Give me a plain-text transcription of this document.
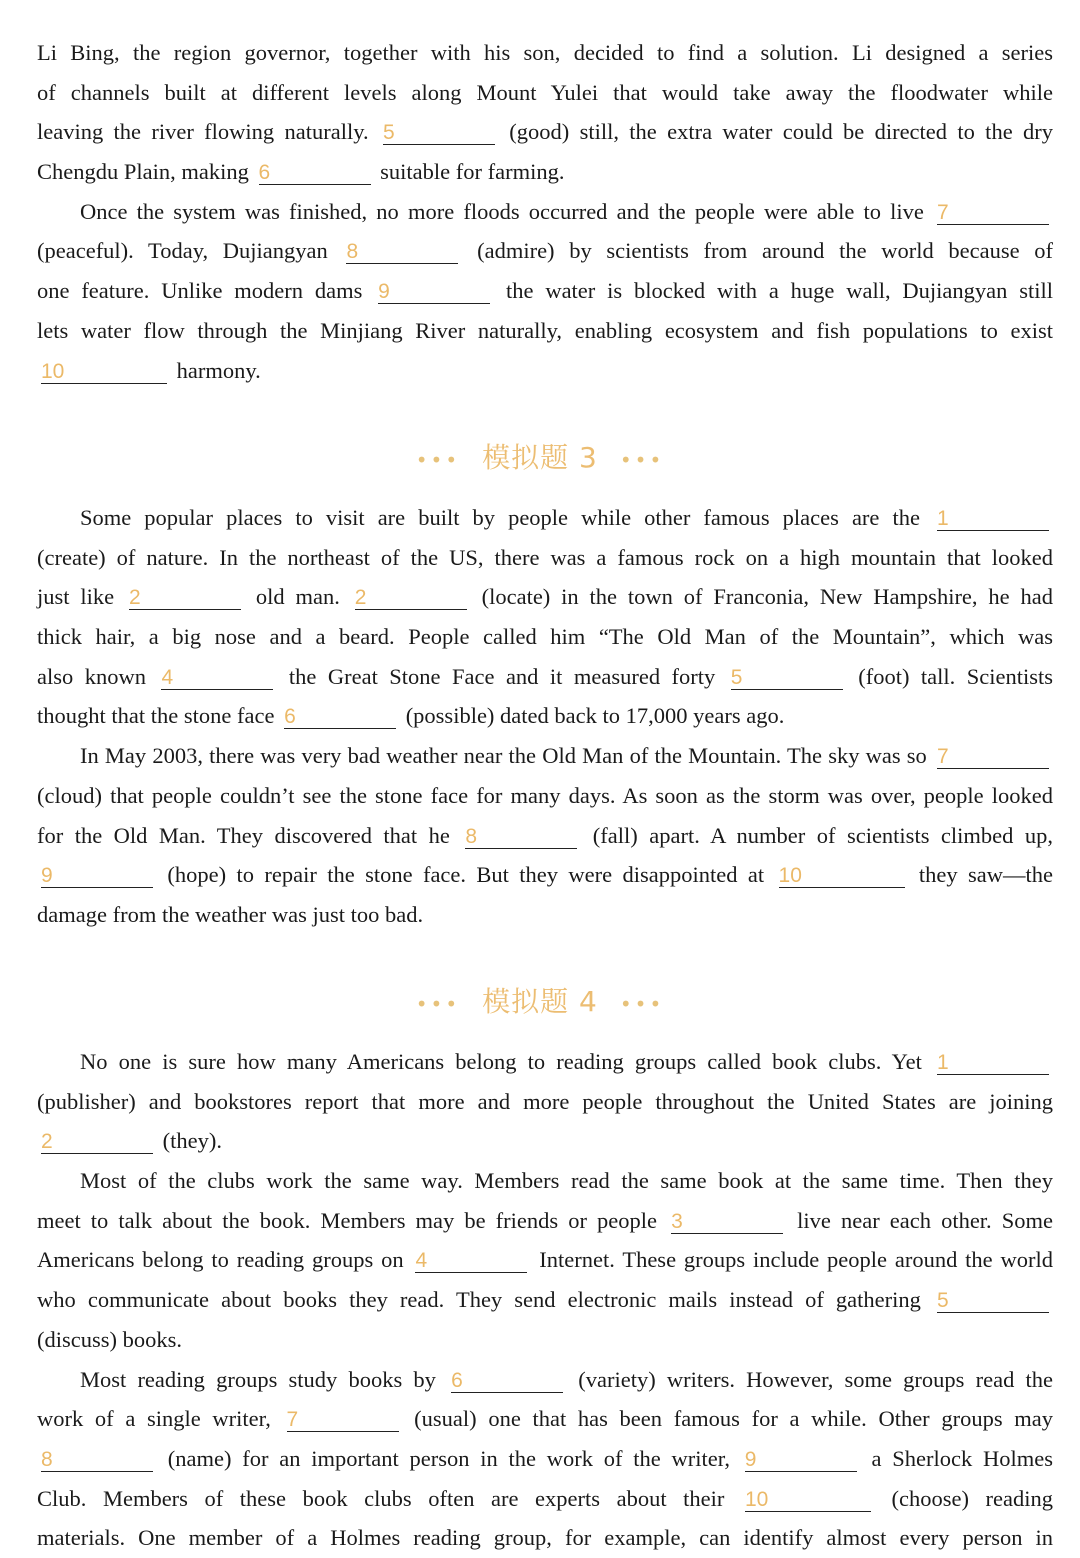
Li Bing, the region governor, together with his son, decided to find a solution. Li designed a series
of channels built at different levels along Mount Yulei that would take away the floodwater while
leaving the river flowing naturally. 5	(good) still, the extra water could be directed to the dry
Chengdu Plain, making 6	suitable for farming.
Once the system was finished, no more floods occurred and the people were able to live 7
(peaceful). Today, Dujiangyan 8	(admire) by scientists from around the world because of
one feature. Unlike modern dams 9	the water is blocked with a huge wall, Dujiangyan still
lets water flow through the Minjiang River naturally, enabling ecosystem and fish populations to exist
10	harmony.
••• 模拟题 3 •••
Some popular places to visit are built by people while other famous places are the 1
(create) of nature. In the northeast of the US, there was a famous rock on a high mountain that looked
just like 2	old man. 2	(locate) in the town of Franconia, New Hampshire, he had
thick hair, a big nose and a beard. People called him “The Old Man of the Mountain”, which was
also known 4	the Great Stone Face and it measured forty 5	(foot) tall. Scientists
thought that the stone face 6	(possible) dated back to 17,000 years ago.
In May 2003, there was very bad weather near the Old Man of the Mountain. The sky was so 7
(cloud) that people couldn’t see the stone face for many days. As soon as the storm was over, people looked
for the Old Man. They discovered that he 8	(fall) apart. A number of scientists climbed up,
9	(hope) to repair the stone face. But they were disappointed at 10	they saw—the
damage from the weather was just too bad.
••• 模拟题 4 •••
No one is sure how many Americans belong to reading groups called book clubs. Yet 1
(publisher) and bookstores report that more and more people throughout the United States are joining
2	(they).
Most of the clubs work the same way. Members read the same book at the same time. Then they
meet to talk about the book. Members may be friends or people 3	live near each other. Some
Americans belong to reading groups on 4	Internet. These groups include people around the world
who communicate about books they read. They send electronic mails instead of gathering 5
(discuss) books.
Most reading groups study books by 6	(variety) writers. However, some groups read the
work of a single writer, 7	(usual) one that has been famous for a while. Other groups may
8	(name) for an important person in the work of the writer, 9	a Sherlock Holmes
Club. Members of these book clubs often are experts about their 10	(choose) reading
materials. One member of a Holmes reading group, for example, can identify almost every person in
